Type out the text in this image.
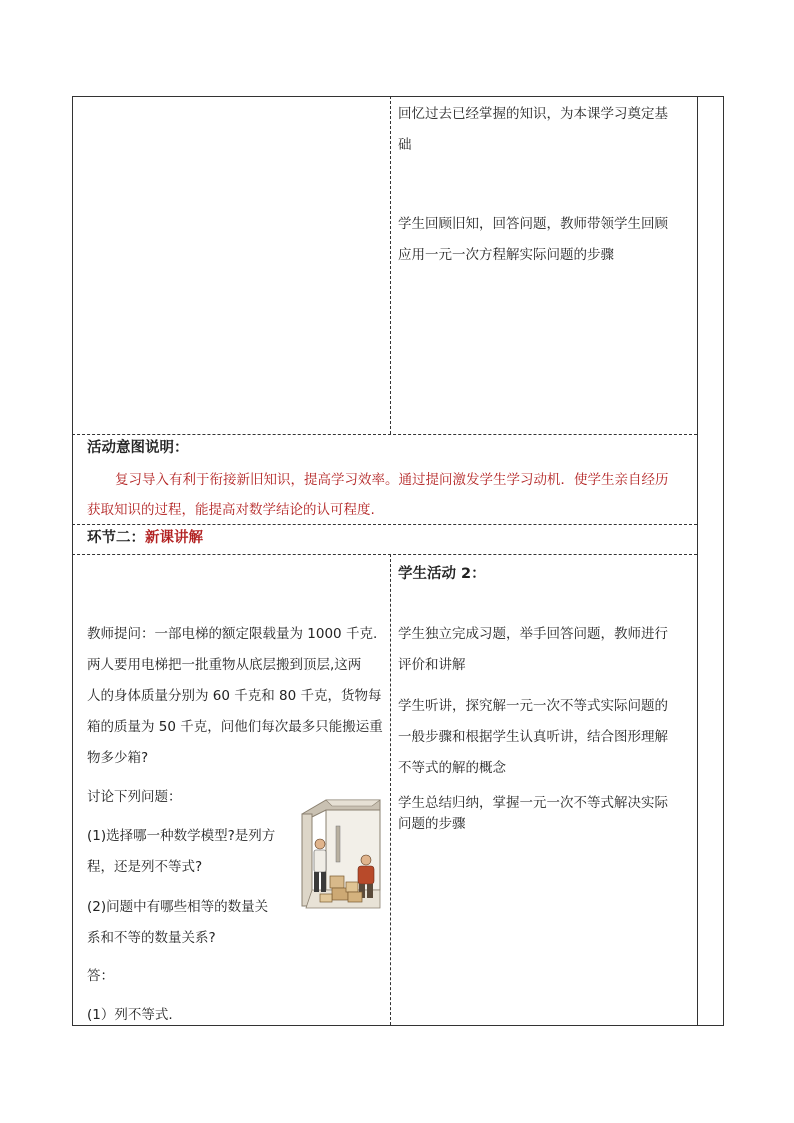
回忆过去已经掌握的知识，为本课学习奠定基
础
学生回顾旧知，回答问题，教师带领学生回顾
应用一元一次方程解实际问题的步骤
活动意图说明：
复习导入有利于衔接新旧知识，提高学习效率。通过提问激发学生学习动机．使学生亲自经历
获取知识的过程，能提高对数学结论的认可程度.
环节二：新课讲解
教师提问：一部电梯的额定限载量为 1000 千克.
两人要用电梯把一批重物从底层搬到顶层,这两
人的身体质量分别为 60 千克和 80 千克，货物每
箱的质量为 50 千克，问他们每次最多只能搬运重
物多少箱?
讨论下列问题：
(1)选择哪一种数学模型?是列方
程，还是列不等式?
(2)问题中有哪些相等的数量关
系和不等的数量关系?
答：
(1）列不等式.
学生活动 2：
学生独立完成习题，举手回答问题，教师进行
评价和讲解
学生听讲，探究解一元一次不等式实际问题的
一般步骤和根据学生认真听讲，结合图形理解
不等式的解的概念
学生总结归纳，掌握一元一次不等式解决实际
问题的步骤
